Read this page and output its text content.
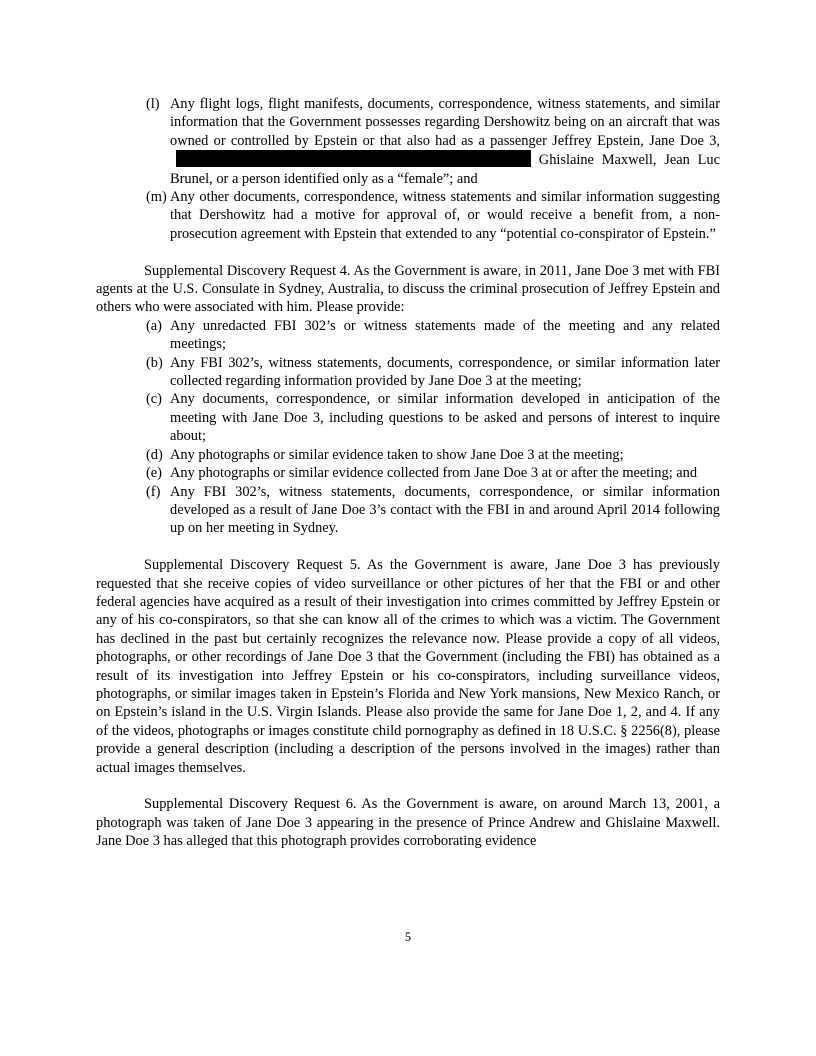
(l) Any flight logs, flight manifests, documents, correspondence, witness statements, and similar information that the Government possesses regarding Dershowitz being on an aircraft that was owned or controlled by Epstein or that also had as a passenger Jeffrey Epstein, Jane Doe 3, Ghislaine Maxwell, Jean Luc Brunel, or a person identified only as a “female”; and
(m) Any other documents, correspondence, witness statements and similar information suggesting that Dershowitz had a motive for approval of, or would receive a benefit from, a non-prosecution agreement with Epstein that extended to any “potential co-conspirator of Epstein.”

Supplemental Discovery Request 4. As the Government is aware, in 2011, Jane Doe 3 met with FBI agents at the U.S. Consulate in Sydney, Australia, to discuss the criminal prosecution of Jeffrey Epstein and others who were associated with him. Please provide:

(a) Any unredacted FBI 302’s or witness statements made of the meeting and any related meetings;
(b) Any FBI 302’s, witness statements, documents, correspondence, or similar information later collected regarding information provided by Jane Doe 3 at the meeting;
(c) Any documents, correspondence, or similar information developed in anticipation of the meeting with Jane Doe 3, including questions to be asked and persons of interest to inquire about;
(d) Any photographs or similar evidence taken to show Jane Doe 3 at the meeting;
(e) Any photographs or similar evidence collected from Jane Doe 3 at or after the meeting; and
(f) Any FBI 302’s, witness statements, documents, correspondence, or similar information developed as a result of Jane Doe 3’s contact with the FBI in and around April 2014 following up on her meeting in Sydney.

Supplemental Discovery Request 5. As the Government is aware, Jane Doe 3 has previously requested that she receive copies of video surveillance or other pictures of her that the FBI or and other federal agencies have acquired as a result of their investigation into crimes committed by Jeffrey Epstein or any of his co-conspirators, so that she can know all of the crimes to which was a victim. The Government has declined in the past but certainly recognizes the relevance now. Please provide a copy of all videos, photographs, or other recordings of Jane Doe 3 that the Government (including the FBI) has obtained as a result of its investigation into Jeffrey Epstein or his co-conspirators, including surveillance videos, photographs, or similar images taken in Epstein’s Florida and New York mansions, New Mexico Ranch, or on Epstein’s island in the U.S. Virgin Islands. Please also provide the same for Jane Doe 1, 2, and 4. If any of the videos, photographs or images constitute child pornography as defined in 18 U.S.C. § 2256(8), please provide a general description (including a description of the persons involved in the images) rather than actual images themselves.

Supplemental Discovery Request 6. As the Government is aware, on around March 13, 2001, a photograph was taken of Jane Doe 3 appearing in the presence of Prince Andrew and Ghislaine Maxwell. Jane Doe 3 has alleged that this photograph provides corroborating evidence

5
